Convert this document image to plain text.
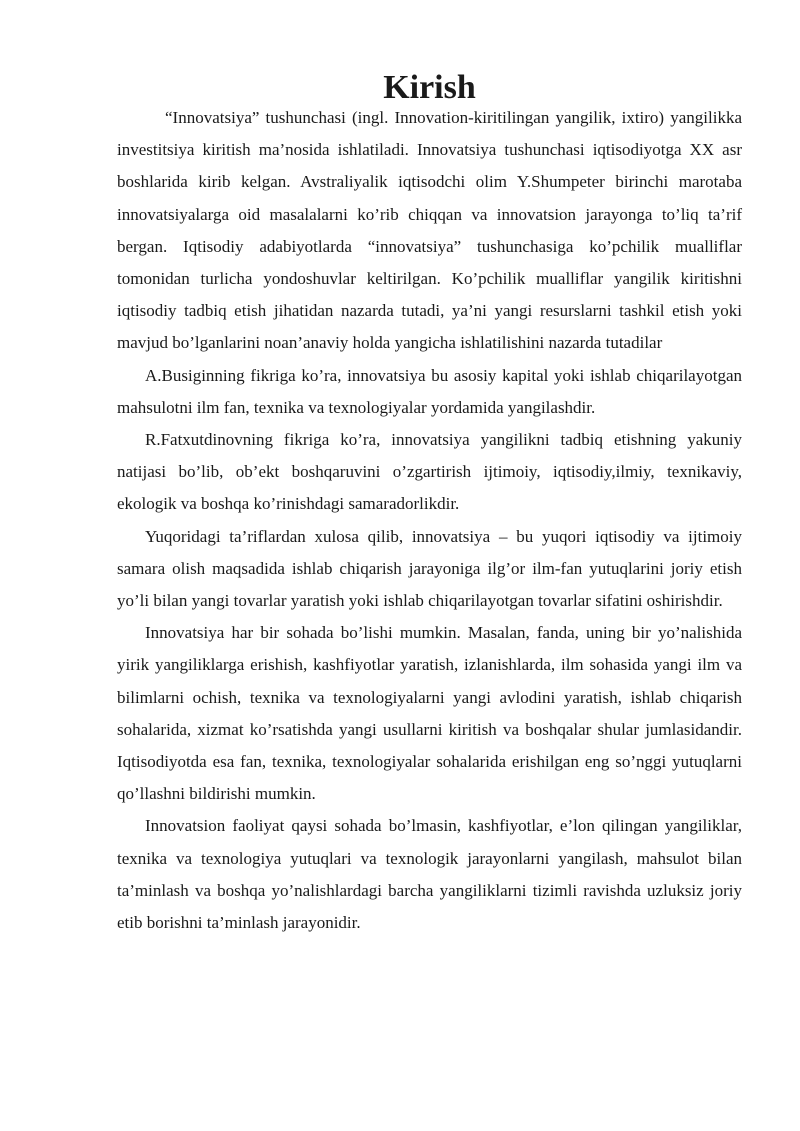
Kirish

“Innovatsiya” tushunchasi (ingl. Innovation-kiritilingan yangilik, ixtiro) yangilikka investitsiya kiritish ma’nosida ishlatiladi. Innovatsiya tushunchasi iqtisodiyotga XX asr boshlarida kirib kelgan. Avstraliyalik iqtisodchi olim Y.Shumpeter birinchi marotaba innovatsiyalarga oid masalalarni ko’rib chiqqan va innovatsion jarayonga to’liq ta’rif bergan. Iqtisodiy adabiyotlarda “innovatsiya” tushunchasiga ko’pchilik mualliflar tomonidan turlicha yondoshuvlar keltirilgan. Ko’pchilik mualliflar yangilik kiritishni iqtisodiy tadbiq etish jihatidan nazarda tutadi, ya’ni yangi resurslarni tashkil etish yoki mavjud bo’lganlarini noan’anaviy holda yangicha ishlatilishini nazarda tutadilar

A.Busiginning fikriga ko’ra, innovatsiya bu asosiy kapital yoki ishlab chiqarilayotgan mahsulotni ilm fan, texnika va texnologiyalar yordamida yangilashdir.

R.Fatxutdinovning fikriga ko’ra, innovatsiya yangilikni tadbiq etishning yakuniy natijasi bo’lib, ob’ekt boshqaruvini o’zgartirish ijtimoiy, iqtisodiy,ilmiy, texnikaviy, ekologik va boshqa ko’rinishdagi samaradorlikdir.

Yuqoridagi ta’riflardan xulosa qilib, innovatsiya – bu yuqori iqtisodiy va ijtimoiy samara olish maqsadida ishlab chiqarish jarayoniga ilg’or ilm-fan yutuqlarini joriy etish yo’li bilan yangi tovarlar yaratish yoki ishlab chiqarilayotgan tovarlar sifatini oshirishdir.

Innovatsiya har bir sohada bo’lishi mumkin. Masalan, fanda, uning bir yo’nalishida yirik yangiliklarga erishish, kashfiyotlar yaratish, izlanishlarda, ilm sohasida yangi ilm va bilimlarni ochish, texnika va texnologiyalarni yangi avlodini yaratish, ishlab chiqarish sohalarida, xizmat ko’rsatishda yangi usullarni kiritish va boshqalar shular jumlasidandir. Iqtisodiyotda esa fan, texnika, texnologiyalar sohalarida erishilgan eng so’nggi yutuqlarni qo’llashni bildirishi mumkin.

Innovatsion faoliyat qaysi sohada bo’lmasin, kashfiyotlar, e’lon qilingan yangiliklar, texnika va texnologiya yutuqlari va texnologik jarayonlarni yangilash, mahsulot bilan ta’minlash va boshqa yo’nalishlardagi barcha yangiliklarni tizimli ravishda uzluksiz joriy etib borishni ta’minlash jarayonidir.
